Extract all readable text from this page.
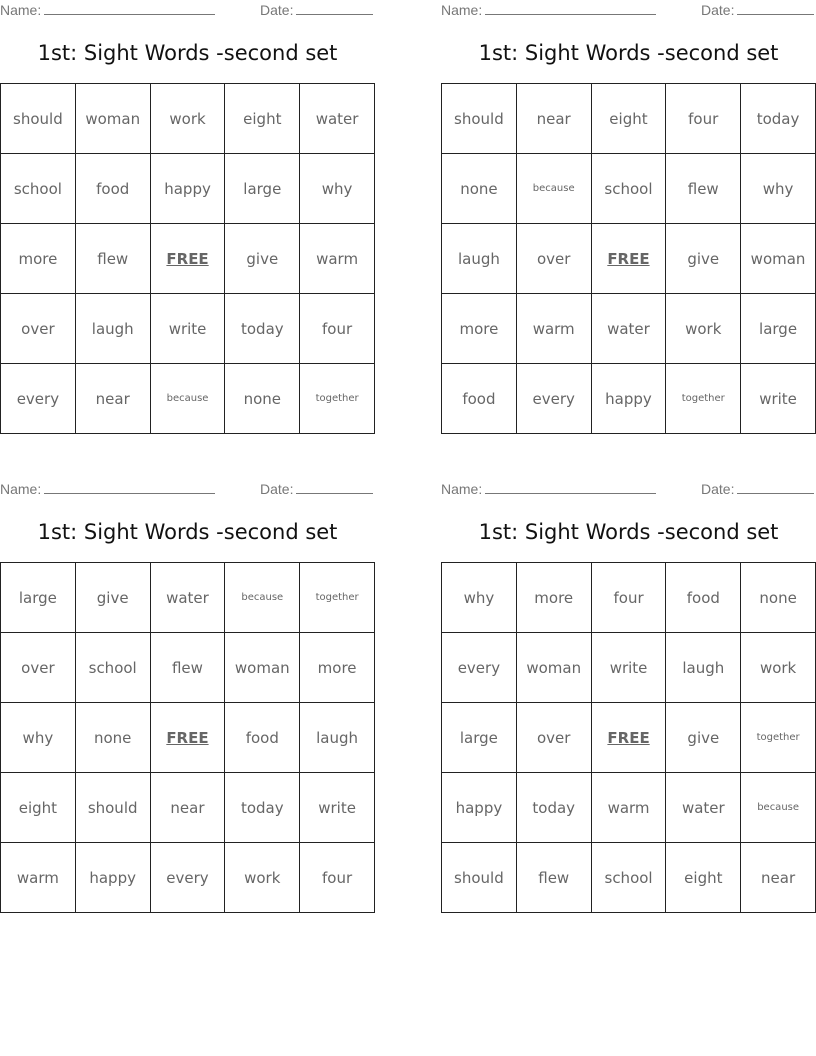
Name:	Date:
1st: Sight Words -second set
should	woman	work	eight	water
school	food	happy	large	why
more	flew	FREE	give	warm
over	laugh	write	today	four
every	near	because	none	together
Name:	Date:
1st: Sight Words -second set
should	near	eight	four	today
none	because	school	flew	why
laugh	over	FREE	give	woman
more	warm	water	work	large
food	every	happy	together	write
Name:	Date:
1st: Sight Words -second set
large	give	water	because	together
over	school	flew	woman	more
why	none	FREE	food	laugh
eight	should	near	today	write
warm	happy	every	work	four
Name:	Date:
1st: Sight Words -second set
why	more	four	food	none
every	woman	write	laugh	work
large	over	FREE	give	together
happy	today	warm	water	because
should	flew	school	eight	near
